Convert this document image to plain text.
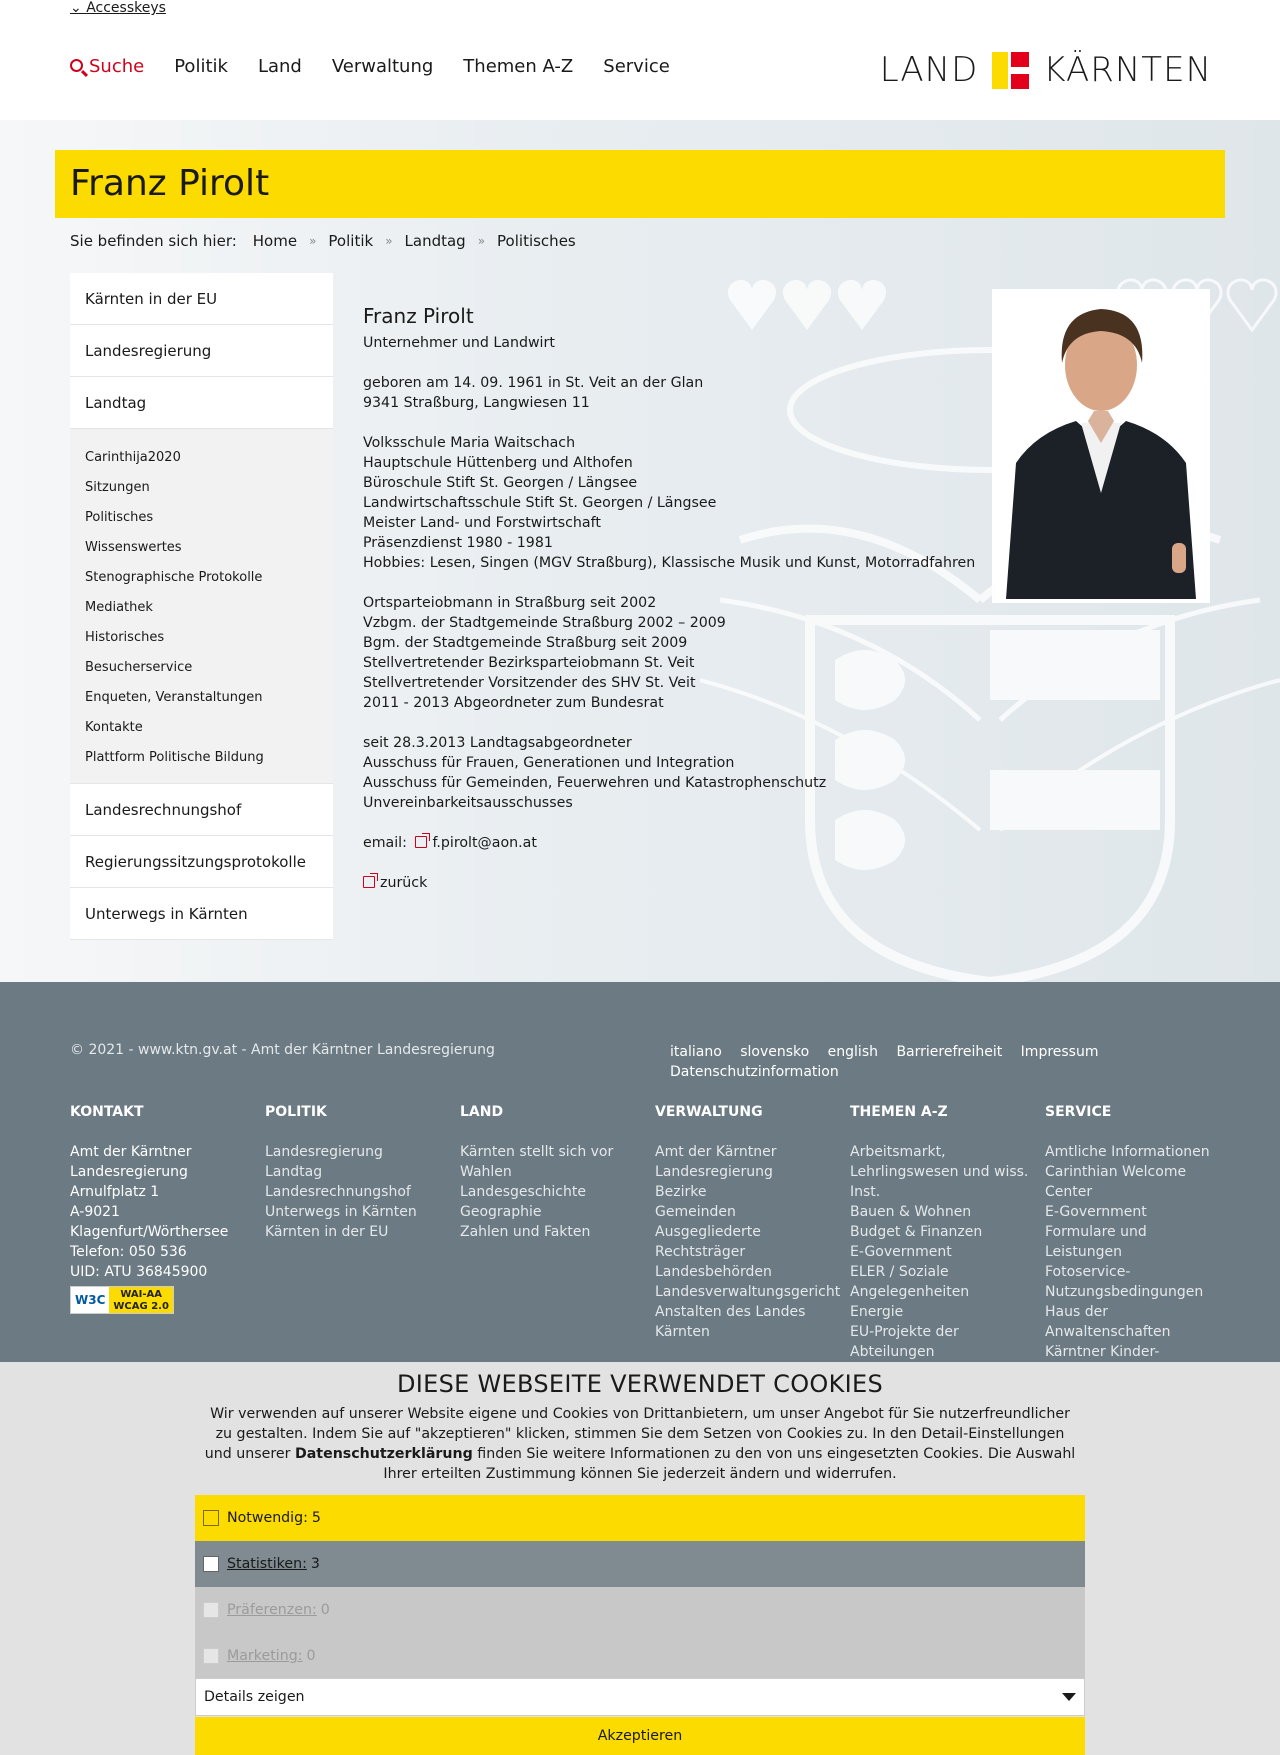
⌄ Accesskeys
Suche Politik Land Verwaltung Themen A-Z Service	LAND KÄRNTEN
Franz Pirolt
Sie befinden sich hier: Home » Politik » Landtag » Politisches
Kärnten in der EU
Landesregierung
Landtag
Carinthija2020
Sitzungen
Politisches
Wissenswertes
Stenographische Protokolle
Mediathek
Historisches
Besucherservice
Enqueten, Veranstaltungen
Kontakte
Plattform Politische Bildung
Landesrechnungshof
Regierungssitzungsprotokolle
Unterwegs in Kärnten
Franz Pirolt
Unternehmer und Landwirt
geboren am 14. 09. 1961 in St. Veit an der Glan
9341 Straßburg, Langwiesen 11
Volksschule Maria Waitschach
Hauptschule Hüttenberg und Althofen
Büroschule Stift St. Georgen / Längsee
Landwirtschaftsschule Stift St. Georgen / Längsee
Meister Land- und Forstwirtschaft
Präsenzdienst 1980 - 1981
Hobbies: Lesen, Singen (MGV Straßburg), Klassische Musik und Kunst, Motorradfahren
Ortsparteiobmann in Straßburg seit 2002
Vzbgm. der Stadtgemeinde Straßburg 2002 – 2009
Bgm. der Stadtgemeinde Straßburg seit 2009
Stellvertretender Bezirksparteiobmann St. Veit
Stellvertretender Vorsitzender des SHV St. Veit
2011 - 2013 Abgeordneter zum Bundesrat
seit 28.3.2013 Landtagsabgeordneter
Ausschuss für Frauen, Generationen und Integration
Ausschuss für Gemeinden, Feuerwehren und Katastrophenschutz
Unvereinbarkeitsausschusses
email: f.pirolt@aon.at
zurück
© 2021 - www.ktn.gv.at - Amt der Kärntner Landesregierung	italiano slovensko english Barrierefreiheit Impressum
Datenschutzinformation
KONTAKT
Amt der Kärntner Landesregierung
Arnulfplatz 1
A-9021 Klagenfurt/Wörthersee
Telefon: 050 536
UID: ATU 36845900
W3C	WAI-AA
WCAG 2.0
POLITIK
Landesregierung
Landtag
Landesrechnungshof
Unterwegs in Kärnten
Kärnten in der EU
LAND
Kärnten stellt sich vor
Wahlen
Landesgeschichte
Geographie
Zahlen und Fakten
VERWALTUNG
Amt der Kärntner Landesregierung
Bezirke
Gemeinden
Ausgegliederte Rechtsträger
Landesbehörden
Landesverwaltungsgericht
Anstalten des Landes Kärnten
THEMEN A-Z
Arbeitsmarkt, Lehrlingswesen und wiss. Inst.
Bauen & Wohnen
Budget & Finanzen
E-Government
ELER / Soziale Angelegenheiten
Energie
EU-Projekte der Abteilungen
SERVICE
Amtliche Informationen
Carinthian Welcome Center
E-Government
Formulare und Leistungen
Fotoservice-Nutzungsbedingungen
Haus der Anwaltenschaften
Kärntner Kinder-
DIESE WEBSEITE VERWENDET COOKIES

Wir verwenden auf unserer Website eigene und Cookies von Drittanbietern, um unser Angebot für Sie nutzerfreundlicher zu gestalten. Indem Sie auf "akzeptieren" klicken, stimmen Sie dem Setzen von Cookies zu. In den Detail-Einstellungen und unserer Datenschutzerklärung finden Sie weitere Informationen zu den von uns eingesetzten Cookies. Die Auswahl Ihrer erteilten Zustimmung können Sie jederzeit ändern und widerrufen.

Notwendig: 5
Statistiken: 3
Präferenzen: 0
Marketing: 0
Details zeigen
Akzeptieren
